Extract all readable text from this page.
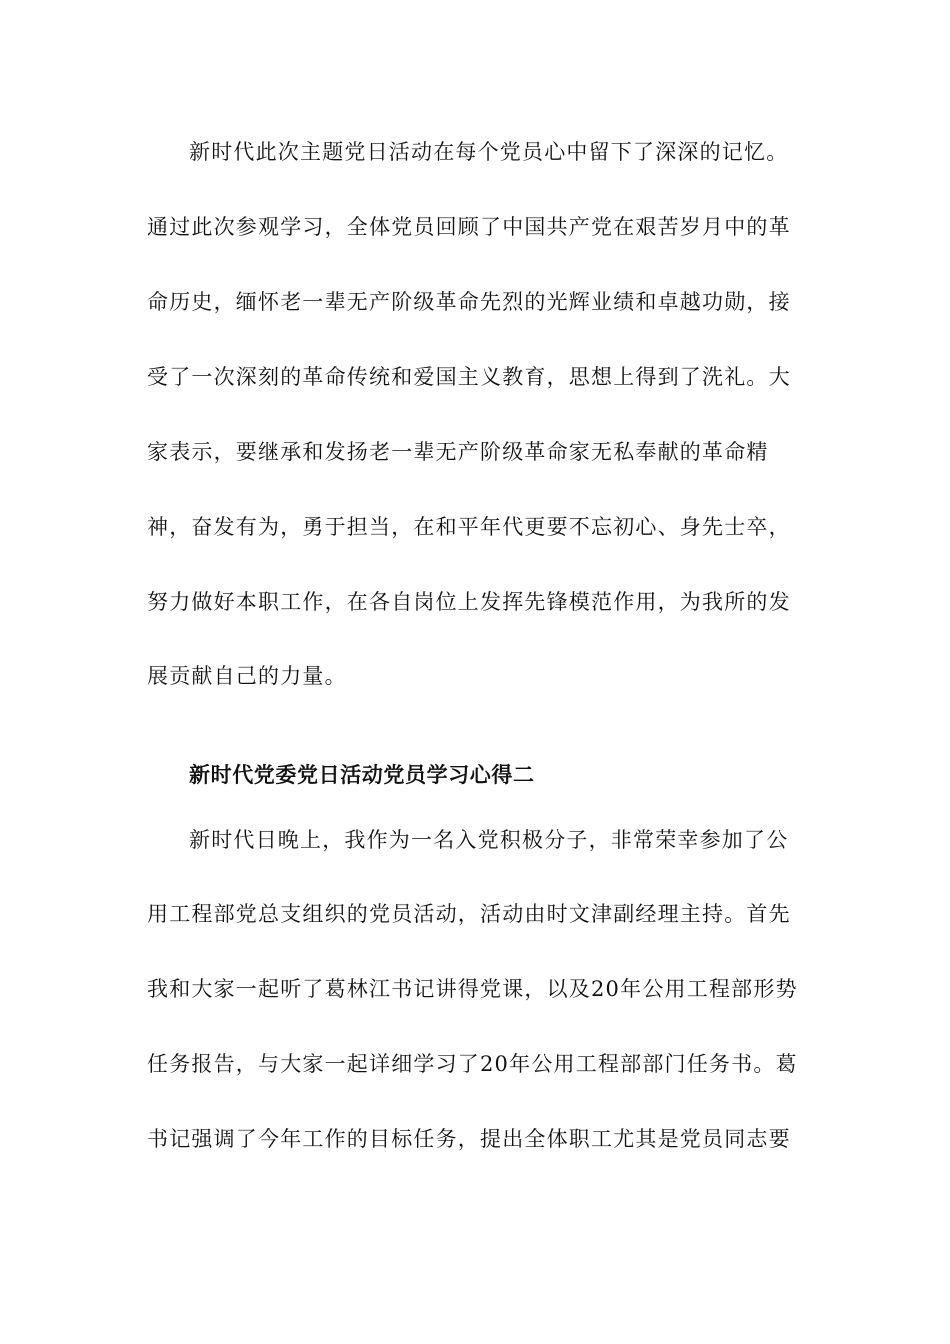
新时代此次主题党日活动在每个党员心中留下了深深的记忆。
通过此次参观学习，全体党员回顾了中国共产党在艰苦岁月中的革
命历史，缅怀老一辈无产阶级革命先烈的光辉业绩和卓越功勋，接
受了一次深刻的革命传统和爱国主义教育，思想上得到了洗礼。大
家表示，要继承和发扬老一辈无产阶级革命家无私奉献的革命精
神，奋发有为，勇于担当，在和平年代更要不忘初心、身先士卒，
努力做好本职工作，在各自岗位上发挥先锋模范作用，为我所的发
展贡献自己的力量。
新时代党委党日活动党员学习心得二
新时代日晚上，我作为一名入党积极分子，非常荣幸参加了公
用工程部党总支组织的党员活动，活动由时文津副经理主持。首先
我和大家一起听了葛林江书记讲得党课，以及20年公用工程部形势
任务报告，与大家一起详细学习了20年公用工程部部门任务书。葛
书记强调了今年工作的目标任务，提出全体职工尤其是党员同志要
